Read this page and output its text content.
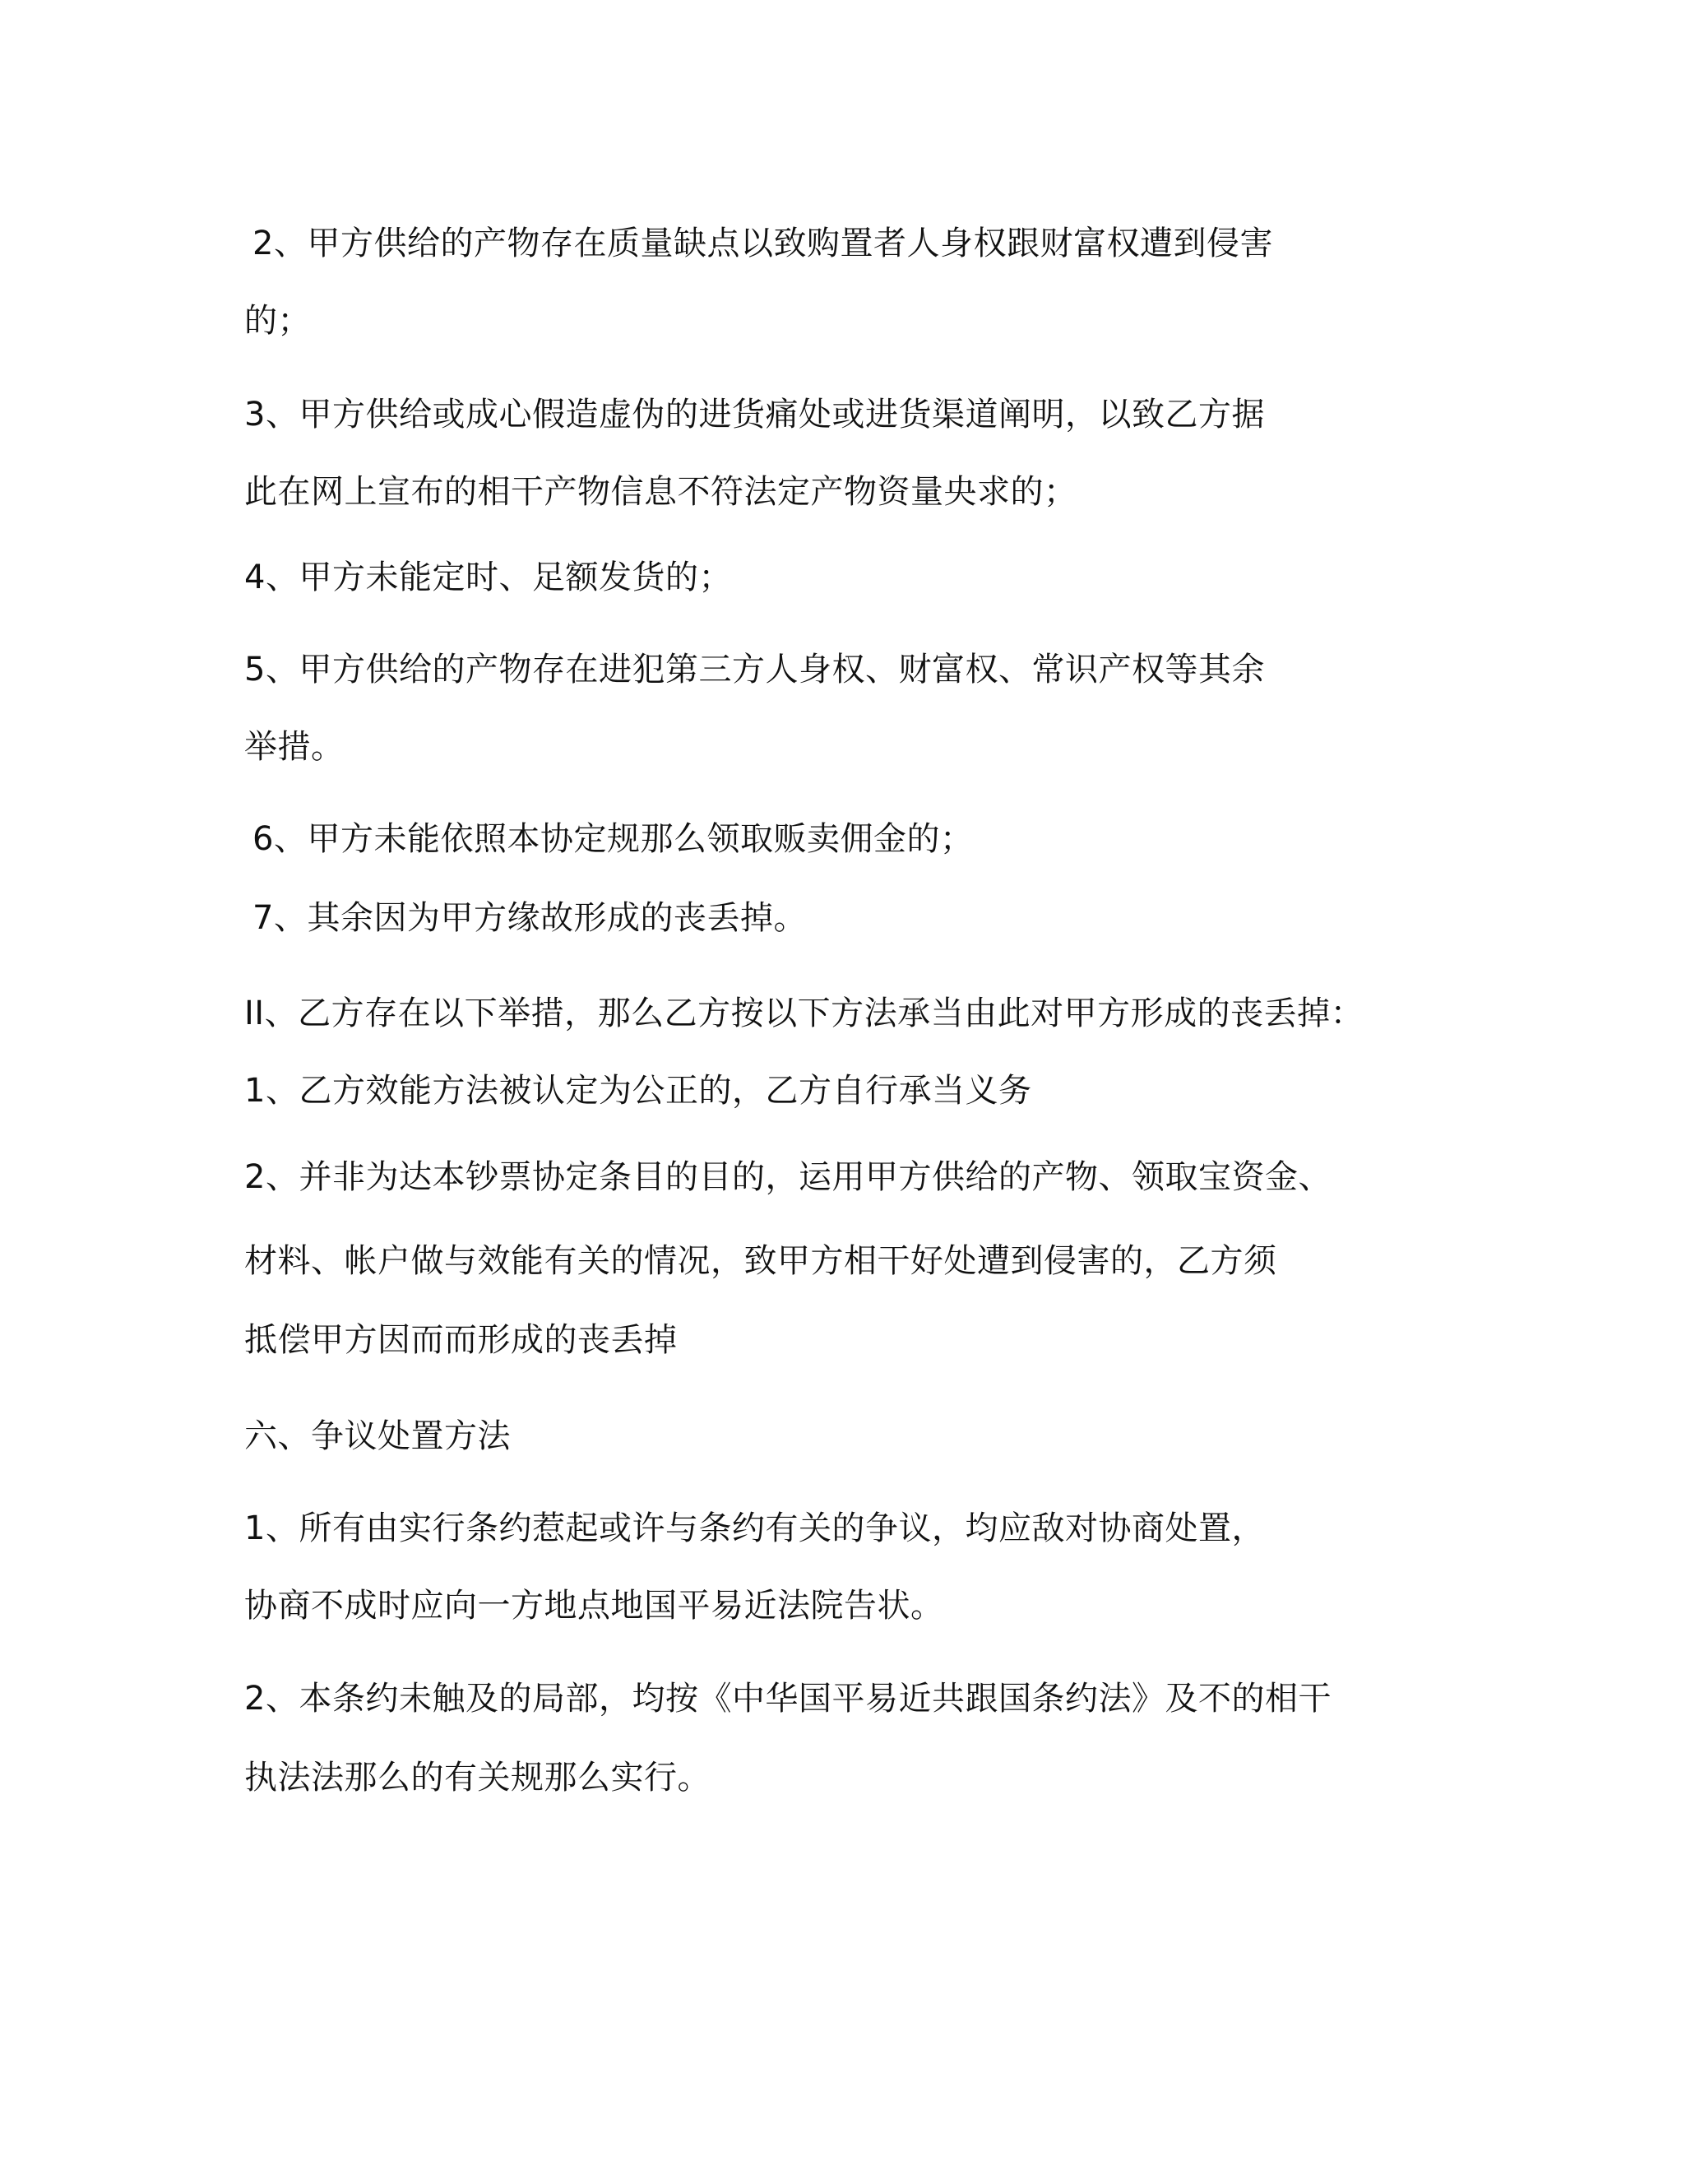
2、甲方供给的产物存在质量缺点以致购置者人身权跟财富权遭到侵害
的；
3、甲方供给或成心假造虚伪的进货痛处或进货渠道阐明，以致乙方据
此在网上宣布的相干产物信息不符法定产物资量央求的；
4、甲方未能定时、足额发货的；
5、甲方供给的产物存在进犯第三方人身权、财富权、常识产权等其余
举措。
6、甲方未能依照本协定规那么领取贩卖佣金的；
7、其余因为甲方缘故形成的丧丢掉。
II、乙方存在以下举措，那么乙方按以下方法承当由此对甲方形成的丧丢掉：
1、乙方效能方法被认定为公正的，乙方自行承当义务
2、并非为达本钞票协定条目的目的，运用甲方供给的产物、领取宝资金、
材料、帐户做与效能有关的情况，致甲方相干好处遭到侵害的，乙方须
抵偿甲方因而而形成的丧丢掉
六、争议处置方法
1、所有由实行条约惹起或许与条约有关的争议，均应敌对协商处置，
协商不成时应向一方地点地国平易近法院告状。
2、本条约未触及的局部，均按《中华国平易近共跟国条约法》及不的相干
执法法那么的有关规那么实行。
